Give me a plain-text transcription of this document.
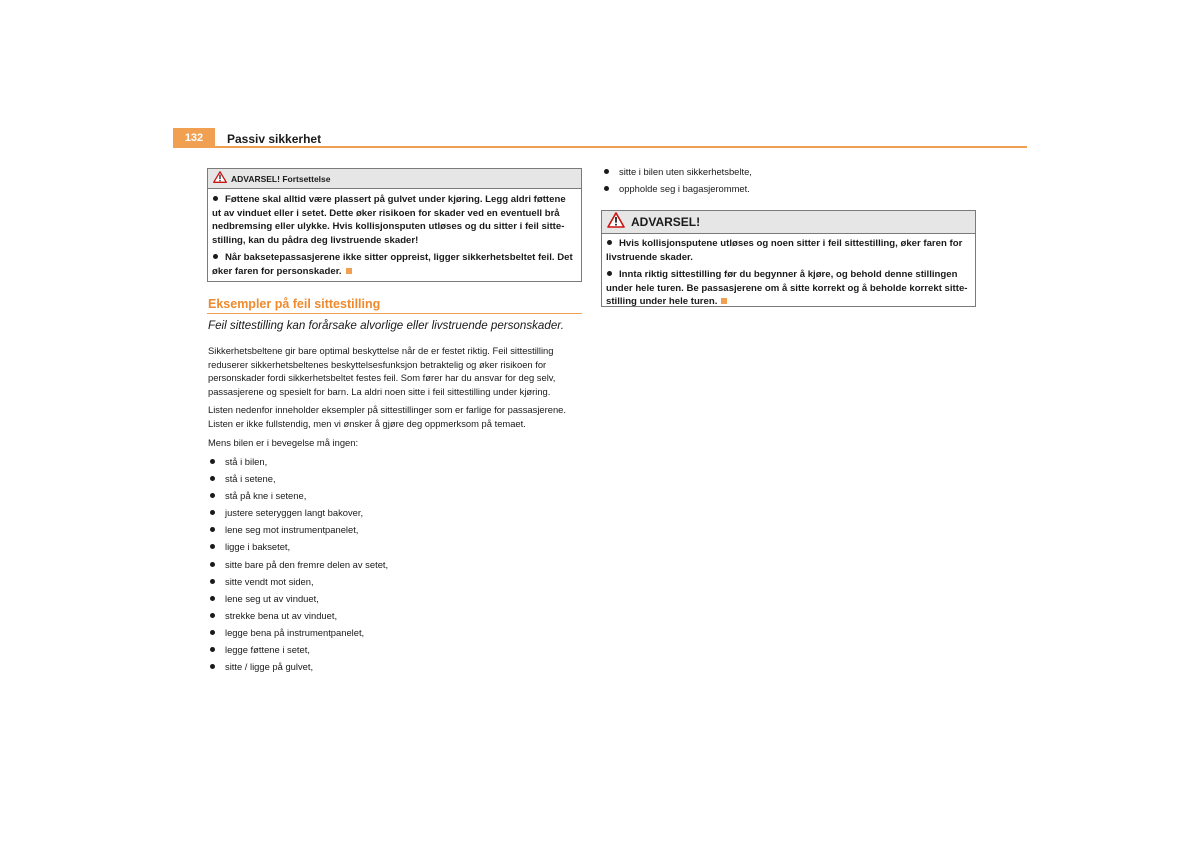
132	Passiv sikkerhet
ADVARSEL! Fortsettelse

Føttene skal alltid være plassert på gulvet under kjøring. Legg aldri føttene ut av vinduet eller i setet. Dette øker risikoen for skader ved en eventuell brå nedbremsing eller ulykke. Hvis kollisjonsputen utløses og du sitter i feil sitte-stilling, kan du pådra deg livstruende skader!

Når baksetepassasjerene ikke sitter oppreist, ligger sikkerhetsbeltet feil. Det øker faren for personskader.

Eksempler på feil sittestilling
Feil sittestilling kan forårsake alvorlige eller livstruende personskader.

Sikkerhetsbeltene gir bare optimal beskyttelse når de er festet riktig. Feil sittestilling reduserer sikkerhetsbeltenes beskyttelsesfunksjon betraktelig og øker risikoen for personskader fordi sikkerhetsbeltet festes feil. Som fører har du ansvar for deg selv, passasjerene og spesielt for barn. La aldri noen sitte i feil sittestilling under kjøring.

Listen nedenfor inneholder eksempler på sittestillinger som er farlige for passasjerene. Listen er ikke fullstendig, men vi ønsker å gjøre deg oppmerksom på temaet.

Mens bilen er i bevegelse må ingen:

stå i bilen,
stå i setene,
stå på kne i setene,
justere seteryggen langt bakover,
lene seg mot instrumentpanelet,
ligge i baksetet,
sitte bare på den fremre delen av setet,
sitte vendt mot siden,
lene seg ut av vinduet,
strekke bena ut av vinduet,
legge bena på instrumentpanelet,
legge føttene i setet,
sitte / ligge på gulvet,
sitte i bilen uten sikkerhetsbelte,
oppholde seg i bagasjerommet.
ADVARSEL!

Hvis kollisjonsputene utløses og noen sitter i feil sittestilling, øker faren for livstruende skader.

Innta riktig sittestilling før du begynner å kjøre, og behold denne stillingen under hele turen. Be passasjerene om å sitte korrekt og å beholde korrekt sitte-stilling under hele turen.
